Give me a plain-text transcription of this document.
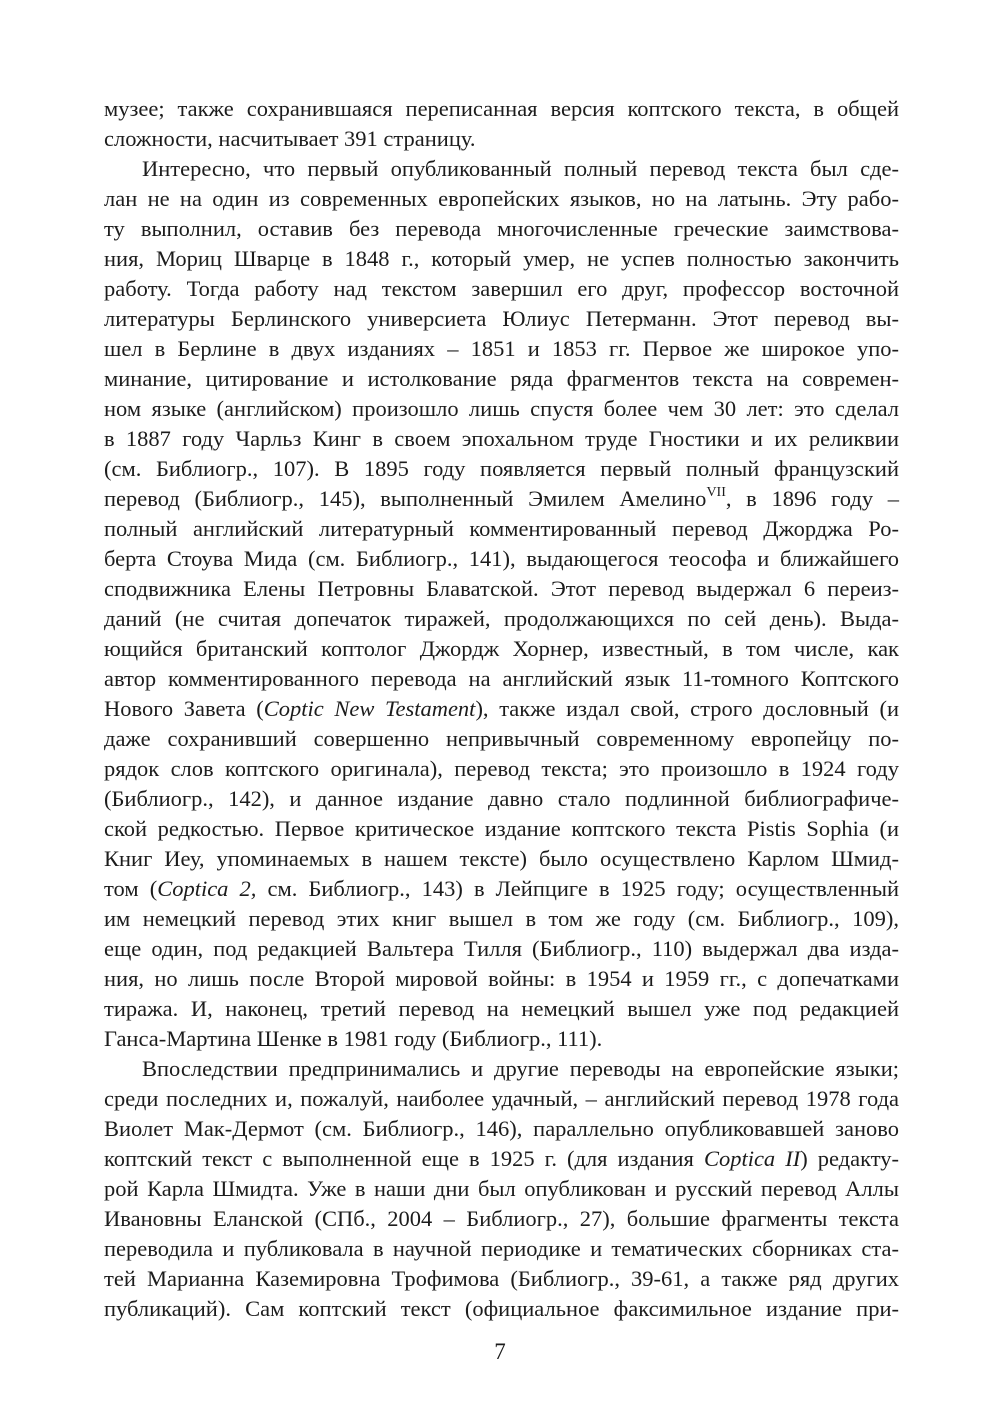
музее; также сохранившаяся переписанная версия коптского текста, в общей
сложности, насчитывает 391 страницу.
Интересно, что первый опубликованный полный перевод текста был сде-
лан не на один из современных европейских языков, но на латынь. Эту рабо-
ту выполнил, оставив без перевода многочисленные греческие заимствова-
ния, Мориц Шварце в 1848 г., который умер, не успев полностью закончить
работу. Тогда работу над текстом завершил его друг, профессор восточной
литературы Берлинского универсиета Юлиус Петерманн. Этот перевод вы-
шел в Берлине в двух изданиях – 1851 и 1853 гг. Первое же широкое упо-
минание, цитирование и истолкование ряда фрагментов текста на современ-
ном языке (английском) произошло лишь спустя более чем 30 лет: это сделал
в 1887 году Чарльз Кинг в своем эпохальном труде Гностики и их реликвии
(см. Библиогр., 107). В 1895 году появляется первый полный французский
перевод (Библиогр., 145), выполненный Эмилем Амелино$^{VII}$, в 1896 году –
полный английский литературный комментированный перевод Джорджа Ро-
берта Стоува Мида (см. Библиогр., 141), выдающегося теософа и ближайшего
сподвижника Елены Петровны Блаватской. Этот перевод выдержал 6 переиз-
даний (не считая допечаток тиражей, продолжающихся по сей день). Выда-
ющийся британский коптолог Джордж Хорнер, известный, в том числе, как
автор комментированного перевода на английский язык 11-томного Коптского
Нового Завета (Coptic New Testament), также издал свой, строго дословный (и
даже сохранивший совершенно непривычный современному европейцу по-
рядок слов коптского оригинала), перевод текста; это произошло в 1924 году
(Библиогр., 142), и данное издание давно стало подлинной библиографиче-
ской редкостью. Первое критическое издание коптского текста Pistis Sophia (и
Книг Иеу, упоминаемых в нашем тексте) было осуществлено Карлом Шмид-
том (Coptica 2, см. Библиогр., 143) в Лейпциге в 1925 году; осуществленный
им немецкий перевод этих книг вышел в том же году (см. Библиогр., 109),
еще один, под редакцией Вальтера Тилля (Библиогр., 110) выдержал два изда-
ния, но лишь после Второй мировой войны: в 1954 и 1959 гг., с допечатками
тиража. И, наконец, третий перевод на немецкий вышел уже под редакцией
Ганса-Мартина Шенке в 1981 году (Библиогр., 111).
Впоследствии предпринимались и другие переводы на европейские языки;
среди последних и, пожалуй, наиболее удачный, – английский перевод 1978 года
Виолет Мак-Дермот (см. Библиогр., 146), параллельно опубликовавшей заново
коптский текст с выполненной еще в 1925 г. (для издания Coptica II) редакту-
рой Карла Шмидта. Уже в наши дни был опубликован и русский перевод Аллы
Ивановны Еланской (СПб., 2004 – Библиогр., 27), большие фрагменты текста
переводила и публиковала в научной периодике и тематических сборниках ста-
тей Марианна Каземировна Трофимова (Библиогр., 39-61, а также ряд других
публикаций). Сам коптский текст (официальное факсимильное издание при-
7
